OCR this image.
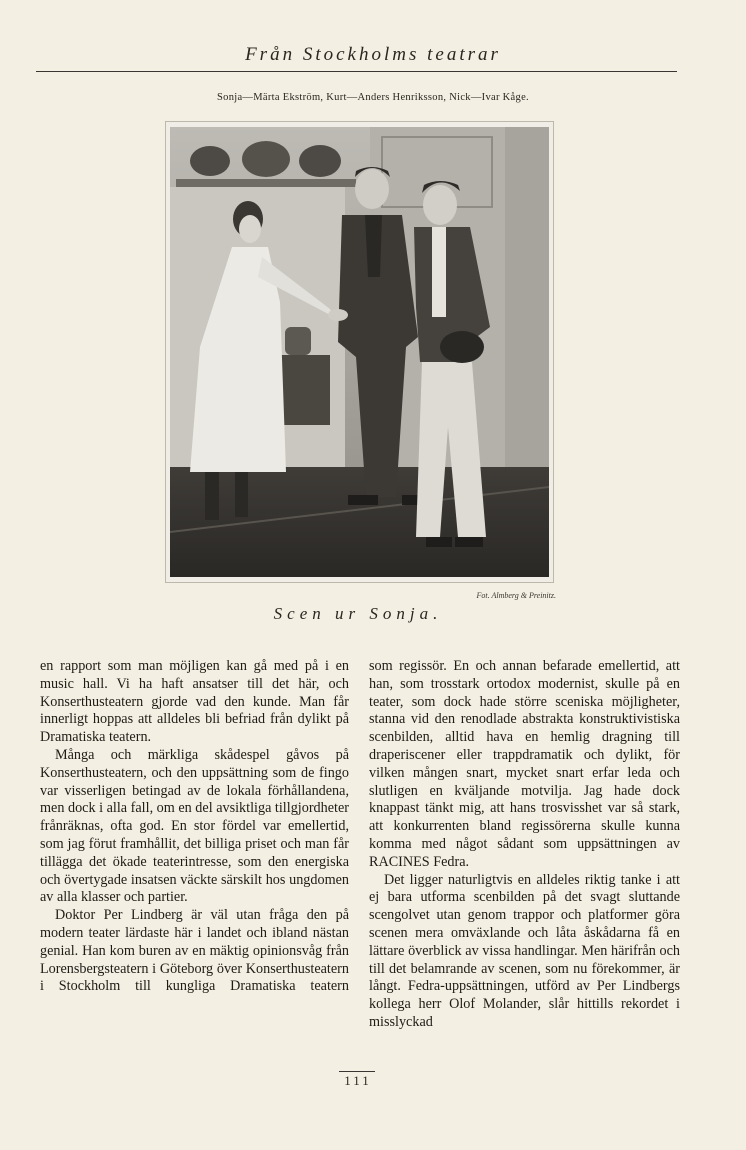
Från Stockholms teatrar
Sonja—Märta Ekström, Kurt—Anders Henriksson, Nick—Ivar Kåge.
Fot. Almberg & Preinitz.
Scen ur Sonja.

en rapport som man möjligen kan gå med på i en music hall. Vi ha haft ansatser till det här, och Konserthusteatern gjorde vad den kunde. Man får innerligt hoppas att alldeles bli befriad från dylikt på Dramatiska teatern.

Många och märkliga skådespel gåvos på Konserthusteatern, och den uppsättning som de fingo var visserligen betingad av de lokala förhållandena, men dock i alla fall, om en del avsiktliga tillgjordheter frånräknas, ofta god. En stor fördel var emellertid, som jag förut framhållit, det billiga priset och man får tillägga det ökade teaterintresse, som den energiska och övertygade insatsen väckte särskilt hos ungdomen av alla klasser och partier.

Doktor Per Lindberg är väl utan fråga den på modern teater lärdaste här i landet och ibland nästan genial. Han kom buren av en mäktig opinionsvåg från Lorensbergsteatern i Göteborg över Konserthusteatern i Stockholm till kungliga Dramatiska teatern

som regissör. En och annan befarade emellertid, att han, som trosstark ortodox modernist, skulle på en teater, som dock hade större sceniska möjligheter, stanna vid den renodlade abstrakta konstruktivistiska scenbilden, alltid hava en hemlig dragning till draperiscener eller trappdramatik och dylikt, för vilken mången snart, mycket snart erfar leda och slutligen en kväljande motvilja. Jag hade dock knappast tänkt mig, att hans trosvisshet var så stark, att konkurrenten bland regissörerna skulle kunna komma med något sådant som uppsättningen av RACINES Fedra.

Det ligger naturligtvis en alldeles riktig tanke i att ej bara utforma scenbilden på det svagt sluttande scengolvet utan genom trappor och platformer göra scenen mera omväxlande och låta åskådarna få en lättare överblick av vissa handlingar. Men härifrån och till det belamrande av scenen, som nu förekommer, är långt. Fedra-uppsättningen, utförd av Per Lindbergs kollega herr Olof Molander, slår hittills rekordet i misslyckad

111
